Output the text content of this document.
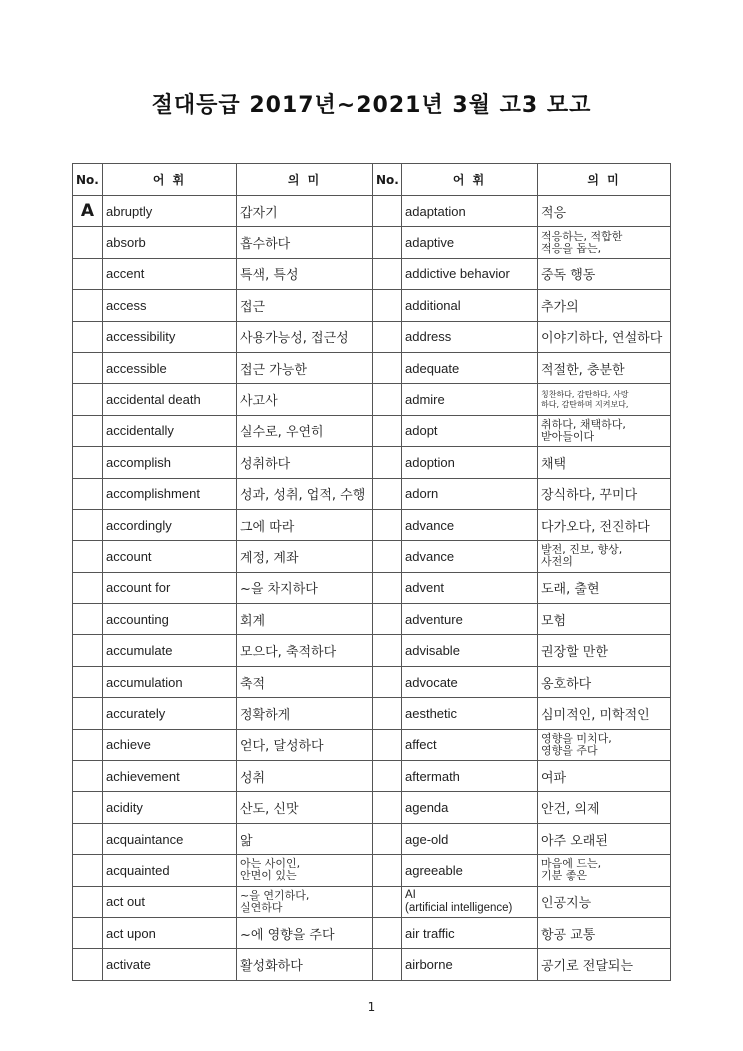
절대등급 2017년~2021년 3월 고3 모고
No.	어 휘	의 미	No.	어 휘	의 미
A	abruptly	갑자기		adaptation	적응

	absorb	흡수하다		adaptive	적응하는, 적합한
적응을 돕는,

	accent	특색, 특성		addictive behavior	중독 행동

	access	접근		additional	추가의

	accessibility	사용가능성, 접근성		address	이야기하다, 연설하다

	accessible	접근 가능한		adequate	적절한, 충분한

	accidental death	사고사		admire	칭찬하다, 감탄하다, 사랑
하다, 감탄하며 지켜보다,

	accidentally	실수로, 우연히		adopt	취하다, 채택하다,
받아들이다

	accomplish	성취하다		adoption	채택

	accomplishment	성과, 성취, 업적, 수행		adorn	장식하다, 꾸미다

	accordingly	그에 따라		advance	다가오다, 전진하다

	account	계정, 계좌		advance	발전, 진보, 향상,
사전의

	account for	~을 차지하다		advent	도래, 출현

	accounting	회계		adventure	모험

	accumulate	모으다, 축적하다		advisable	권장할 만한

	accumulation	축적		advocate	옹호하다

	accurately	정확하게		aesthetic	심미적인, 미학적인

	achieve	얻다, 달성하다		affect	영향을 미치다,
영향을 주다

	achievement	성취		aftermath	여파

	acidity	산도, 신맛		agenda	안건, 의제

	acquaintance	앎		age-old	아주 오래된

	acquainted	아는 사이인,
안면이 있는		agreeable	마음에 드는,
기분 좋은

	act out	~을 연기하다,
실연하다		AI
(artificial intelligence)	인공지능

	act upon	~에 영향을 주다		air traffic	항공 교통

	activate	활성화하다		airborne	공기로 전달되는
1
